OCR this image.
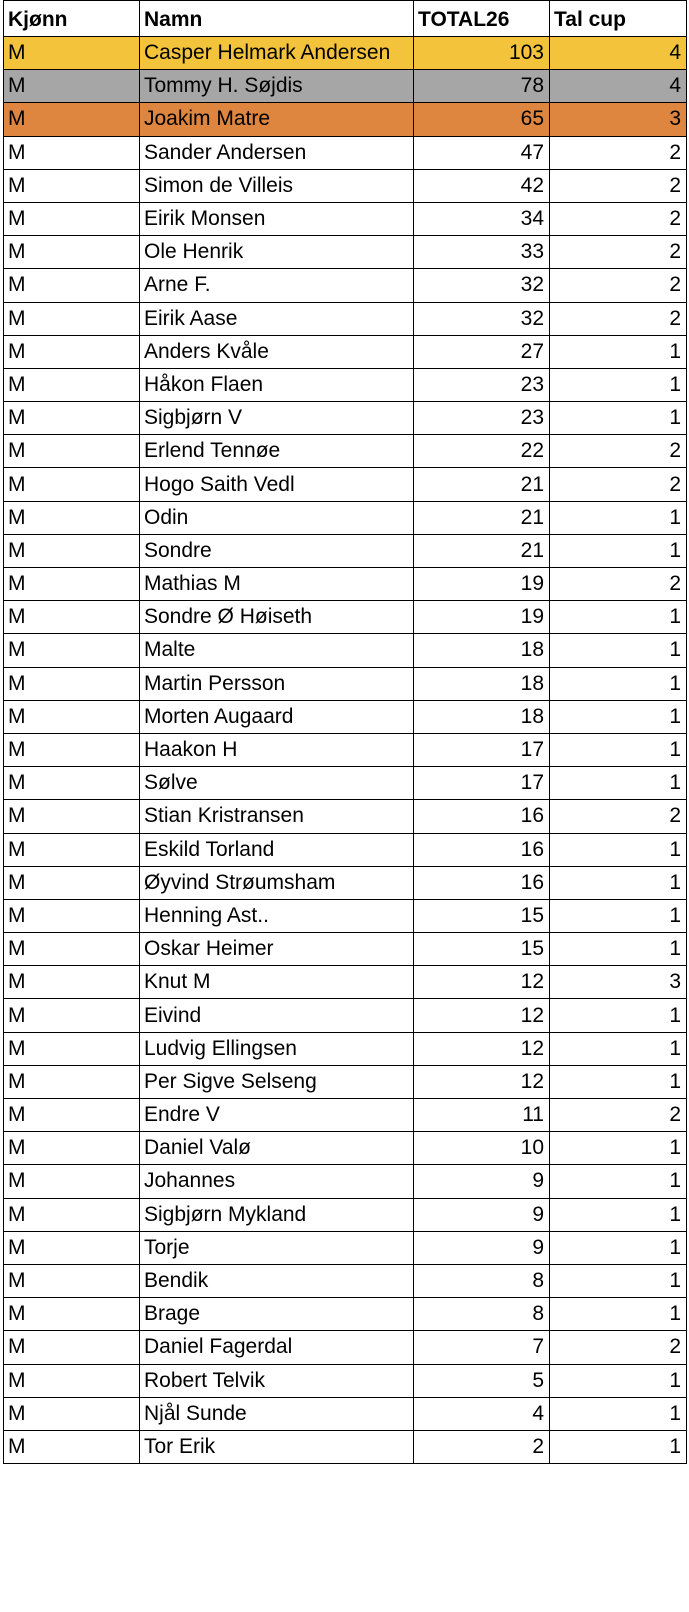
Kjønn	Namn	TOTAL26	Tal cup
M	Casper Helmark Andersen	103	4
M	Tommy H. Søjdis	78	4
M	Joakim Matre	65	3
M	Sander Andersen	47	2
M	Simon de Villeis	42	2
M	Eirik Monsen	34	2
M	Ole Henrik	33	2
M	Arne F.	32	2
M	Eirik Aase	32	2
M	Anders Kvåle	27	1
M	Håkon Flaen	23	1
M	Sigbjørn V	23	1
M	Erlend Tennøe	22	2
M	Hogo Saith Vedl	21	2
M	Odin	21	1
M	Sondre	21	1
M	Mathias M	19	2
M	Sondre Ø Høiseth	19	1
M	Malte	18	1
M	Martin Persson	18	1
M	Morten Augaard	18	1
M	Haakon H	17	1
M	Sølve	17	1
M	Stian Kristransen	16	2
M	Eskild Torland	16	1
M	Øyvind Strøumsham	16	1
M	Henning Ast..	15	1
M	Oskar Heimer	15	1
M	Knut M	12	3
M	Eivind	12	1
M	Ludvig Ellingsen	12	1
M	Per Sigve Selseng	12	1
M	Endre V	11	2
M	Daniel Valø	10	1
M	Johannes	9	1
M	Sigbjørn Mykland	9	1
M	Torje	9	1
M	Bendik	8	1
M	Brage	8	1
M	Daniel Fagerdal	7	2
M	Robert Telvik	5	1
M	Njål Sunde	4	1
M	Tor Erik	2	1
